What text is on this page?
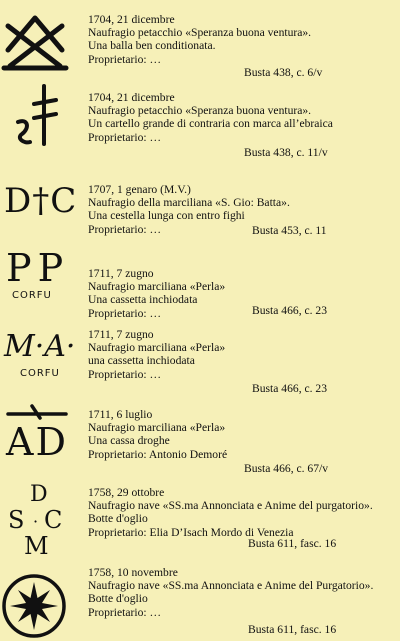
1704, 21 dicembre
Naufragio petacchio «Speranza buona ventura».
Una balla ben conditionata.
Proprietario: …
Busta 438, c. 6/v
1704, 21 dicembre
Naufragio petacchio «Speranza buona ventura».
Un cartello grande di contraria con marca all’ebraica
Proprietario: …
Busta 438, c. 11/v
D†C 1707, 1 genaro (M.V.)
Naufragio della marciliana «S. Gio: Batta».
Una cestella lunga con entro fighi
Proprietario: …	Busta 453, c. 11
PP
CORFU
1711, 7 zugno
Naufragio marciliana «Perla»
Una cassetta inchiodata
Proprietario: …	Busta 466, c. 23
M·A·
CORFU
1711, 7 zugno
Naufragio marciliana «Perla»
una cassetta inchiodata
Proprietario: …
Busta 466, c. 23
AD
1711, 6 luglio
Naufragio marciliana «Perla»
Una cassa droghe
Proprietario: Antonio Demoré
Busta 466, c. 67/v
D
S · C
M
1758, 29 ottobre
Naufragio nave «SS.ma Annonciata e Anime del purgatorio».
Botte d'oglio
Proprietario: Elia D’Isach Mordo di Venezia
Busta 611, fasc. 16
1758, 10 novembre
Naufragio nave «SS.ma Annonciata e Anime del Purgatorio».
Botte d'oglio
Proprietario: …
Busta 611, fasc. 16
